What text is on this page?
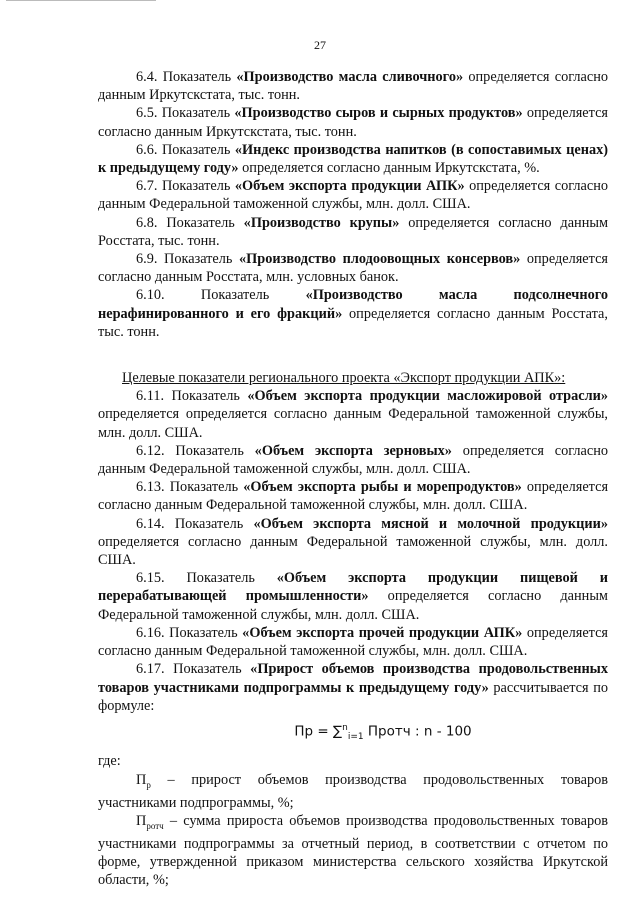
27

6.4. Показатель «Производство масла сливочного» определяется согласно данным Иркутскстата, тыс. тонн.

6.5. Показатель «Производство сыров и сырных продуктов» определяется согласно данным Иркутскстата, тыс. тонн.

6.6. Показатель «Индекс производства напитков (в сопоставимых ценах) к предыдущему году» определяется согласно данным Иркутскстата, %.

6.7. Показатель «Объем экспорта продукции АПК» определяется согласно данным Федеральной таможенной службы, млн. долл. США.

6.8. Показатель «Производство крупы» определяется согласно данным Росстата, тыс. тонн.

6.9. Показатель «Производство плодоовощных консервов» определяется согласно данным Росстата, млн. условных банок.

6.10. Показатель «Производство масла подсолнечного нерафинированного и его фракций» определяется согласно данным Росстата, тыс. тонн.

Целевые показатели регионального проекта «Экспорт продукции АПК»:

6.11. Показатель «Объем экспорта продукции масложировой отрасли» определяется определяется согласно данным Федеральной таможенной службы, млн. долл. США.

6.12. Показатель «Объем экспорта зерновых» определяется согласно данным Федеральной таможенной службы, млн. долл. США.

6.13. Показатель «Объем экспорта рыбы и морепродуктов» определяется согласно данным Федеральной таможенной службы, млн. долл. США.

6.14. Показатель «Объем экспорта мясной и молочной продукции» определяется согласно данным Федеральной таможенной службы, млн. долл. США.

6.15. Показатель «Объем экспорта продукции пищевой и перерабатывающей промышленности» определяется согласно данным Федеральной таможенной службы, млн. долл. США.

6.16. Показатель «Объем экспорта прочей продукции АПК» определяется согласно данным Федеральной таможенной службы, млн. долл. США.

6.17. Показатель «Прирост объемов производства продовольственных товаров участниками подпрограммы к предыдущему году» рассчитывается по формуле:

Пр = ∑$^n_{i=1}$ Протч : n - 100

где:

$П_р$ – прирост объемов производства продовольственных товаров участниками подпрограммы, %;

$П_{ротч}$ – сумма прироста объемов производства продовольственных товаров участниками подпрограммы за отчетный период, в соответствии с отчетом по форме, утвержденной приказом министерства сельского хозяйства Иркутской области, %;
